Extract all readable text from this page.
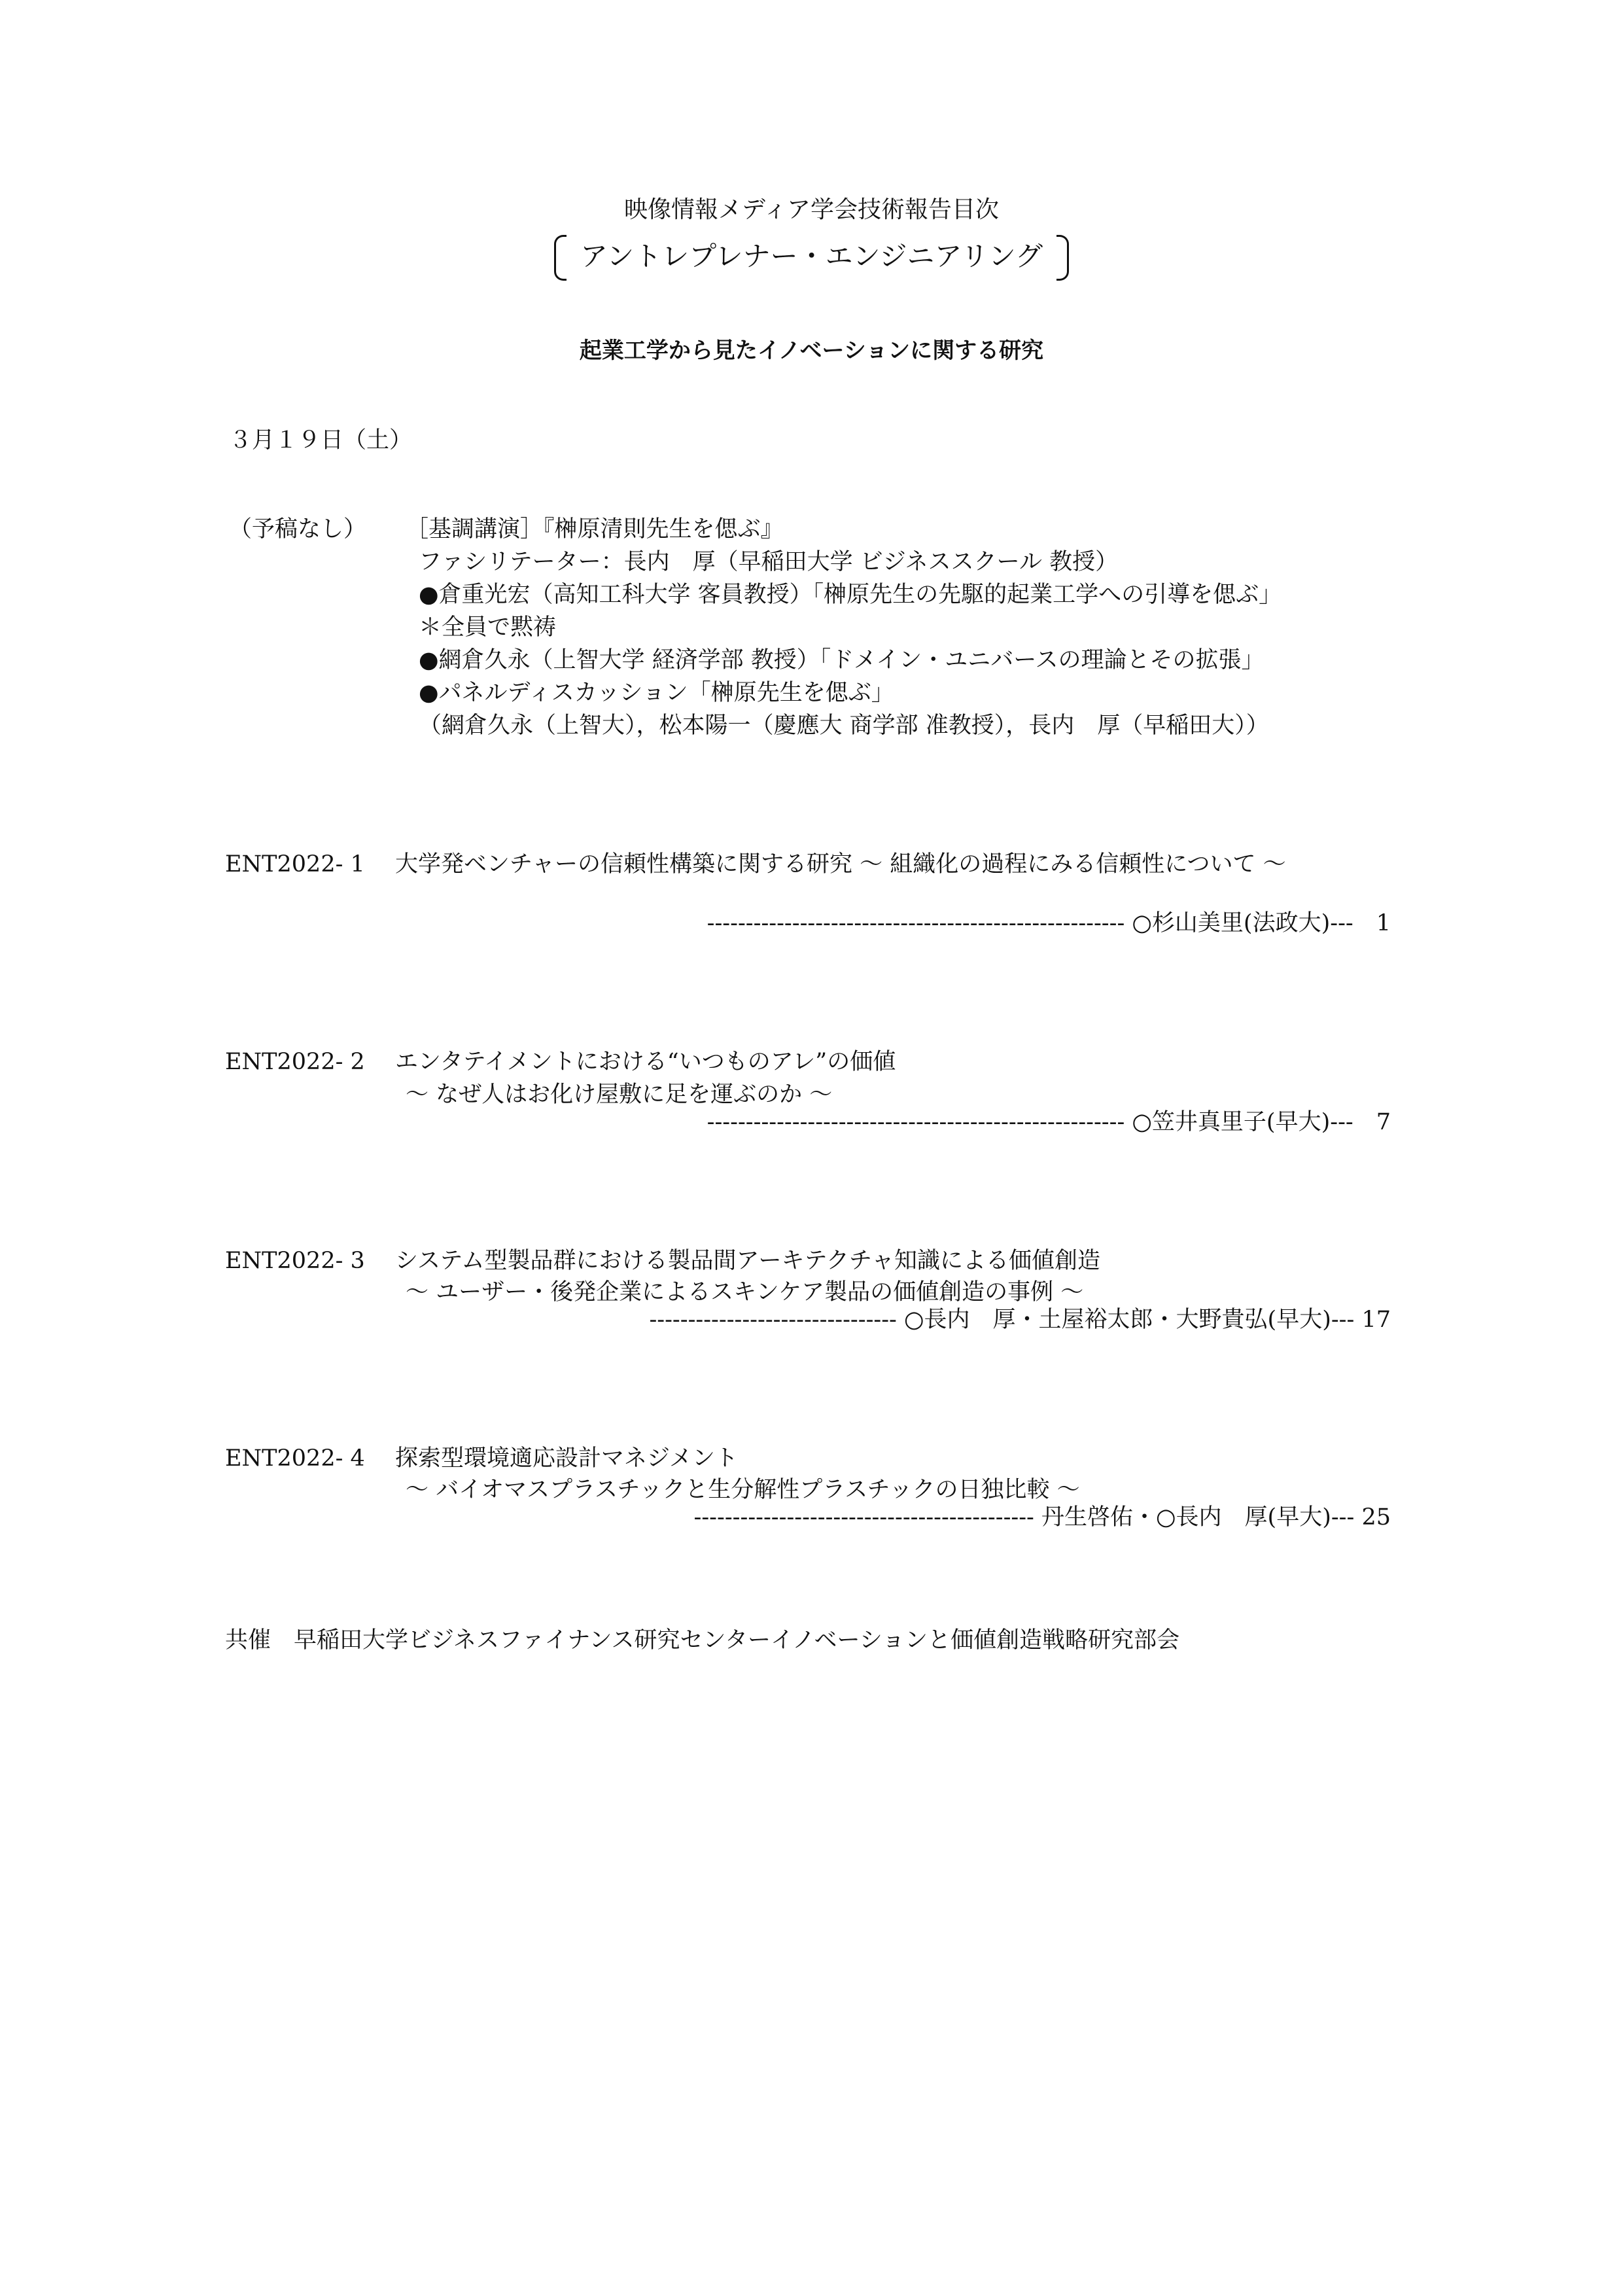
映像情報メディア学会技術報告目次
アントレプレナー・エンジニアリング
起業工学から見たイノベーションに関する研究
３月１９日（土）
（予稿なし） ［基調講演］『榊原清則先生を偲ぶ』
ファシリテーター：長内　厚（早稲田大学 ビジネススクール 教授）
●倉重光宏（高知工科大学 客員教授）「榊原先生の先駆的起業工学への引導を偲ぶ」
＊全員で黙祷
●網倉久永（上智大学 経済学部 教授）「ドメイン・ユニバースの理論とその拡張」
●パネルディスカッション「榊原先生を偲ぶ」
（網倉久永（上智大），松本陽一（慶應大 商学部 准教授），長内　厚（早稲田大））
ENT2022- 1 大学発ベンチャーの信頼性構築に関する研究 ～ 組織化の過程にみる信頼性について ～
------------------------------------------------------ ○杉山美里(法政大)---　1
ENT2022- 2 エンタテイメントにおける“いつものアレ”の価値
～ なぜ人はお化け屋敷に足を運ぶのか ～
------------------------------------------------------ ○笠井真里子(早大)---　7
ENT2022- 3 システム型製品群における製品間アーキテクチャ知識による価値創造
～ ユーザー・後発企業によるスキンケア製品の価値創造の事例 ～
-------------------------------- ○長内　厚・土屋裕太郎・大野貴弘(早大)--- 17
ENT2022- 4 探索型環境適応設計マネジメント
～ バイオマスプラスチックと生分解性プラスチックの日独比較 ～
-------------------------------------------- 丹生啓佑・○長内　厚(早大)--- 25
共催　早稲田大学ビジネスファイナンス研究センターイノベーションと価値創造戦略研究部会
